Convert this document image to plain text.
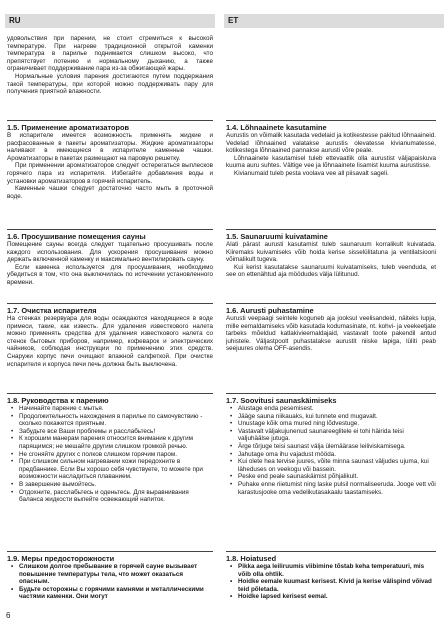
RU	ET

удовольствия при парении, не стоит стремиться к высокой температуре. При нагреве традиционной открытой каменки температура в парилье поднимается слишком высоко, что препятствует потению и нормальному дыханию, а также ограничивает поддерживание пара из-за обжигающей жары.

Нормальные условия парения достигаются путем поддержания такой температуры, при которой можно поддерживать пару для получения приятной влажности.

1.5. Применение ароматизаторов

В испарителе имеется возможность применять жидкие и расфасованные в пакеты ароматизаторы. Жидкие ароматизаторы наливают в имеющиеся в испарителе каменные чашки. Ароматизаторы в пакетах размещают на паровую решетку.

При применении ароматизаторов следует остерегаться выплесков горячего пара из испарителя. Избегайте добавления воды и установки ароматизаторов в горячий испаритель.

Каменные чашки следует достаточно часто мыть в проточной воде.

1.6. Просушивание помещения сауны

Помещение сауны всегда следует тщательно просушивать после каждого использования. Для ускорения просушивания можно держать включенной каменку и максимально вентилировать сауну.

Если каменка используется для просушивания, необходимо убедиться в том, что она выключилась по истечении установленного времени.

1.7. Очистка испарителя

На стенках резервуара для воды осаждаются находящиеся в воде примеси, такие, как известь. Для удаления известкового налета можно применять средства для удаления известкового налета со стенок бытовых приборов, например, кофеварок и электрических чайников, соблюдая инструкции по применению этих средств. Снаружи корпус печи очищают влажной салфеткой. При очистке испарителя и корпуса печи печь должна быть выключена.

1.8. Руководства к парению
• Начинайте парение с мытья.
• Продолжительность нахождения в парилье по самочувствию - сколько покажется приятным.
• Забудьте все Ваши проблемы и расслабьтесь!
• К хорошим манерам парения относится внимание к другим парящимся; не мешайте другим слишком громкой речью.
• Не сгоняйте других с полков слишком горячим паром.
• При слишком сильном нагревании кожи передохните в предбаннике. Если Вы хорошо себя чувствуете, то можете при возможности насладиться плаванием.
• В завершение вымойтесь.
• Отдохните, расслабьтесь и оденьтесь. Для выравнивания баланса жидкости выпейте освежающий напиток.
1.9. Меры предосторожности
• Слишком долгое пребывание в горячей сауне вызывает повышение температуры тела, что может оказаться опасным.
• Будьте осторожны с горячими камнями и металлическими частями каменки. Они могут
1.4. Lõhnaainete kasutamine

Aurustis on võimalik kasutada vedelaid ja kotikestesse pakitud lõhnaaineid. Vedelad lõhnaained valatakse aurustis olevatesse kivianumatesse, kotikestega lõhnaained pannakse aurusti võre peale.

Lõhnaainete kasutamisel tuleb ettevaatlik olla aurustist väljapaiskuva kuuma auru suhtes. Vältige vee ja lõhnaainete lisamist kuuma aurustisse.

Kivianumaid tuleb pesta voolava vee all piisavalt sageli.

1.5. Saunaruumi kuivatamine

Alati pärast aurusti kasutamist tuleb saunaruum korralikult kuivatada. Kiiremaks kuivamiseks võib hoida kerise sisselülitatuna ja ventilatsiooni võimalikult tugeva.

Kui kerist kasutatakse saunaruumi kuivatamiseks, tuleb veenduda, et see on ettenähtud aja möödudes välja lülitunud.

1.6. Aurusti puhastamine

Aurusti veepaagi seintele koguneb aja jooksul veelisandeid, näiteks lupja, mille eemaldamiseks võib kasutada kodumasinate, nt. kohvi- ja veekeetjate tarbeks mõeldud katlakivieemaldajaid, vastavalt toote pakendil antud juhistele. Väljastpoolt puhastatakse aurustit niiske lapiga, lüliti peab seejuures olema OFF-asendis.

1.7. Soovitusi saunaskäimiseks
• Alustage enda pesemisest.
• Jääge sauna niikauaks, kui tunnete end mugavalt.
• Unustage kõik oma mured ning lõdvestuge.
• Vastavalt väljakujunenud saunareeglitele ei tohi häirida teisi valjuhäälse jutuga.
• Ärge tõrjuge teisi saunast välja ülemäärase leiliviskamisega.
• Jahutage oma ihu vajadust mööda.
• Kui olete hea tervise juures, võite minna saunast väljudes ujuma, kui läheduses on veekogu või bassein.
• Peske end peale saunaskäimist põhjalikult.
• Puhake enne riietumist ning laske pulsil normaliseeruda. Jooge vett või karastusjooke oma vedelikutasakaalu taastamiseks.
1.8. Hoiatused
• Pikka aega leiliruumis viibimine tõstab keha temperatuuri, mis võib olla ohtlik.
• Hoidke eemale kuumast kerisest. Kivid ja kerise välispind võivad teid põletada.
• Hoidke lapsed kerisest eemal.
6
